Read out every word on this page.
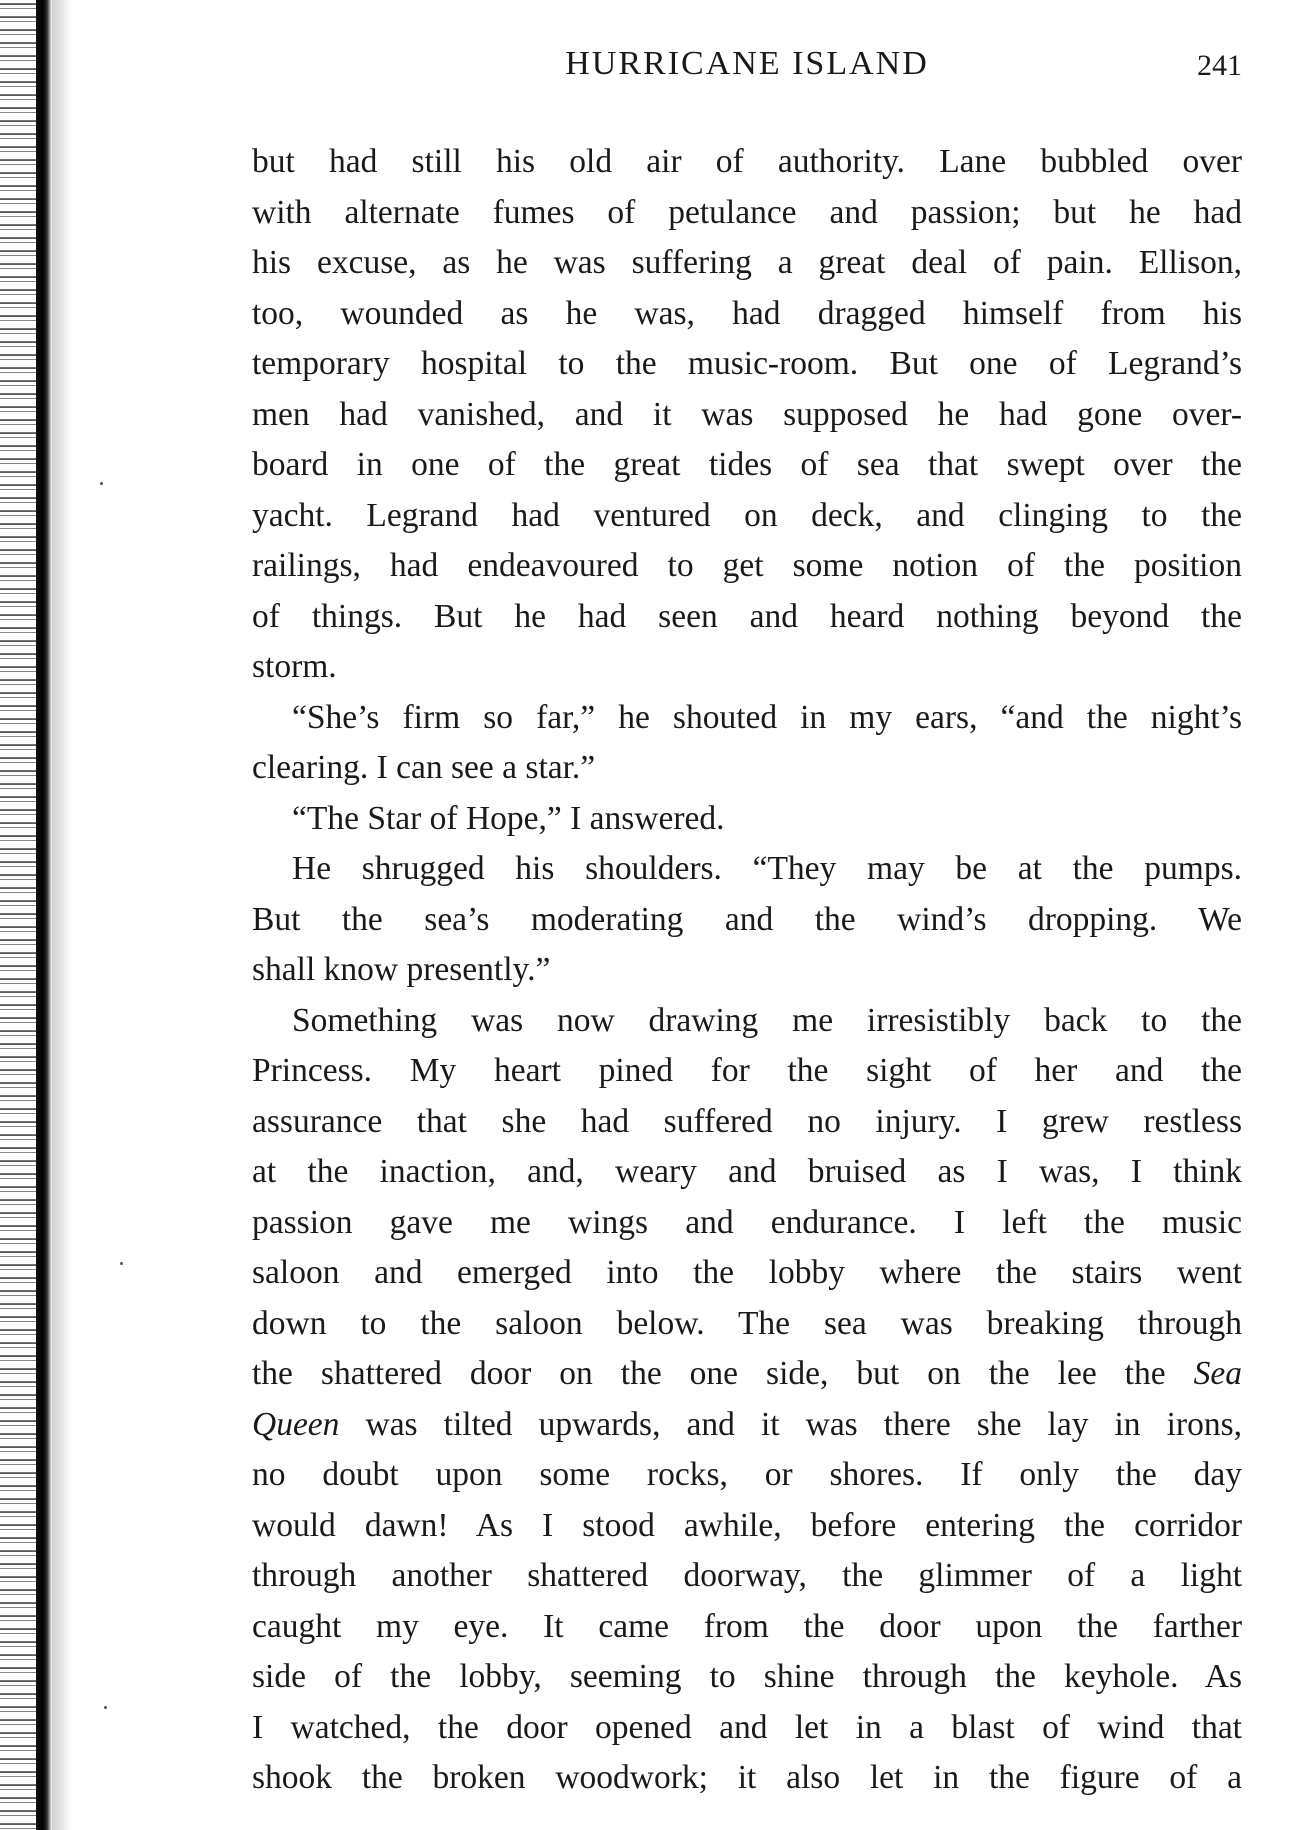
HURRICANE ISLAND	241
but had still his old air of authority. Lane bubbled over
with alternate fumes of petulance and passion; but he had
his excuse, as he was suffering a great deal of pain. Ellison,
too, wounded as he was, had dragged himself from his
temporary hospital to the music-room. But one of Legrand’s
men had vanished, and it was supposed he had gone over-
board in one of the great tides of sea that swept over the
yacht. Legrand had ventured on deck, and clinging to the
railings, had endeavoured to get some notion of the position
of things. But he had seen and heard nothing beyond the
storm.
“She’s firm so far,” he shouted in my ears, “and the night’s
clearing. I can see a star.”
“The Star of Hope,” I answered.
He shrugged his shoulders. “They may be at the pumps.
But the sea’s moderating and the wind’s dropping. We
shall know presently.”
Something was now drawing me irresistibly back to the
Princess. My heart pined for the sight of her and the
assurance that she had suffered no injury. I grew restless
at the inaction, and, weary and bruised as I was, I think
passion gave me wings and endurance. I left the music
saloon and emerged into the lobby where the stairs went
down to the saloon below. The sea was breaking through
the shattered door on the one side, but on the lee the Sea
Queen was tilted upwards, and it was there she lay in irons,
no doubt upon some rocks, or shores. If only the day
would dawn! As I stood awhile, before entering the corridor
through another shattered doorway, the glimmer of a light
caught my eye. It came from the door upon the farther
side of the lobby, seeming to shine through the keyhole. As
I watched, the door opened and let in a blast of wind that
shook the broken woodwork; it also let in the figure of a
